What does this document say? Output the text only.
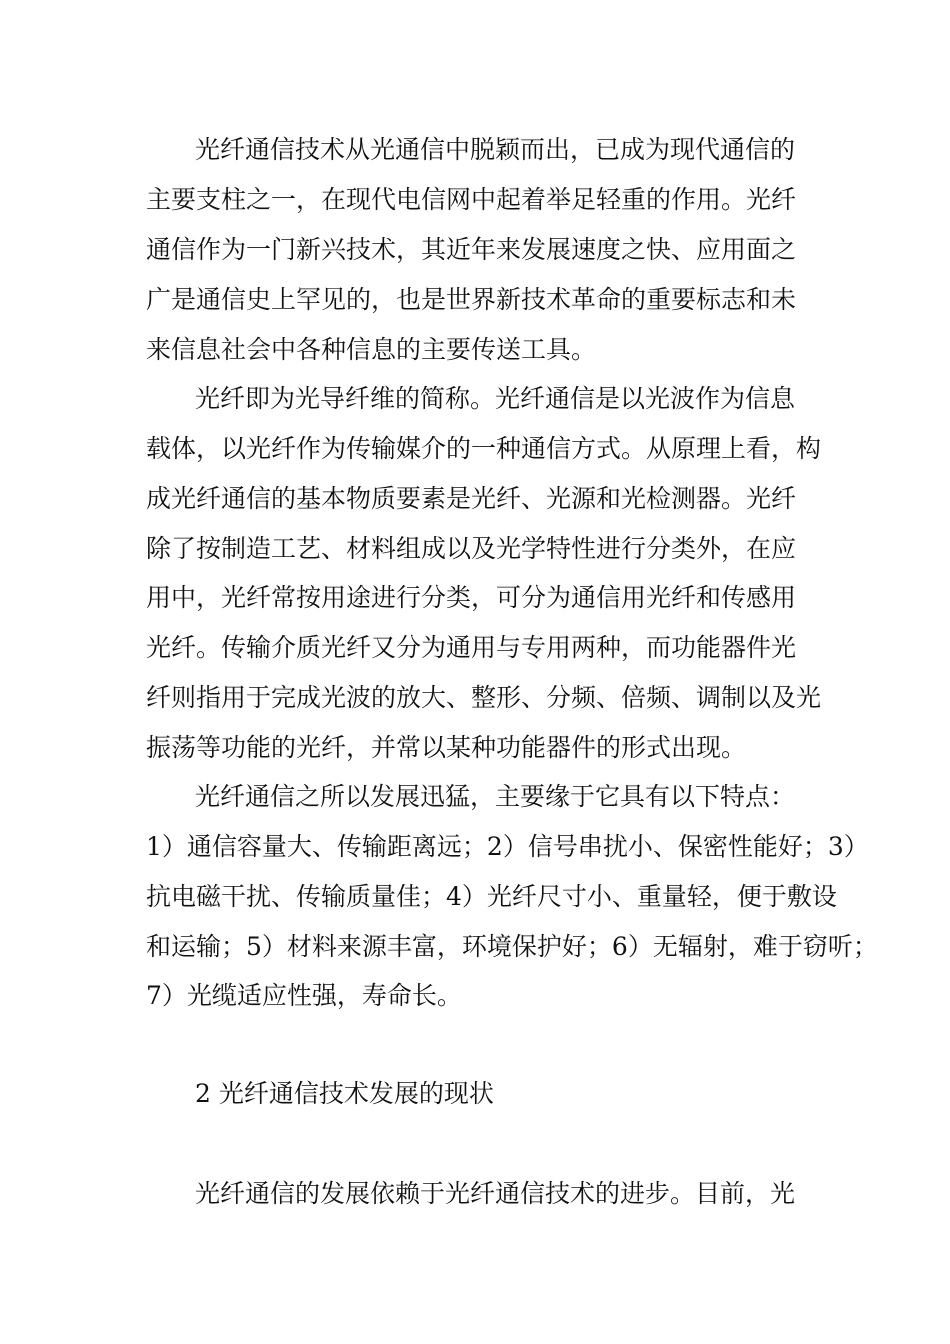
光纤通信技术从光通信中脱颖而出，已成为现代通信的
主要支柱之一，在现代电信网中起着举足轻重的作用。光纤
通信作为一门新兴技术，其近年来发展速度之快、应用面之
广是通信史上罕见的，也是世界新技术革命的重要标志和未
来信息社会中各种信息的主要传送工具。
光纤即为光导纤维的简称。光纤通信是以光波作为信息
载体，以光纤作为传输媒介的一种通信方式。从原理上看，构
成光纤通信的基本物质要素是光纤、光源和光检测器。光纤
除了按制造工艺、材料组成以及光学特性进行分类外，在应
用中，光纤常按用途进行分类，可分为通信用光纤和传感用
光纤。传输介质光纤又分为通用与专用两种，而功能器件光
纤则指用于完成光波的放大、整形、分频、倍频、调制以及光
振荡等功能的光纤，并常以某种功能器件的形式出现。
光纤通信之所以发展迅猛，主要缘于它具有以下特点：
1）通信容量大、传输距离远；2）信号串扰小、保密性能好；3）
抗电磁干扰、传输质量佳；4）光纤尺寸小、重量轻，便于敷设
和运输；5）材料来源丰富，环境保护好；6）无辐射，难于窃听；
7）光缆适应性强，寿命长。
2 光纤通信技术发展的现状
光纤通信的发展依赖于光纤通信技术的进步。目前，光
